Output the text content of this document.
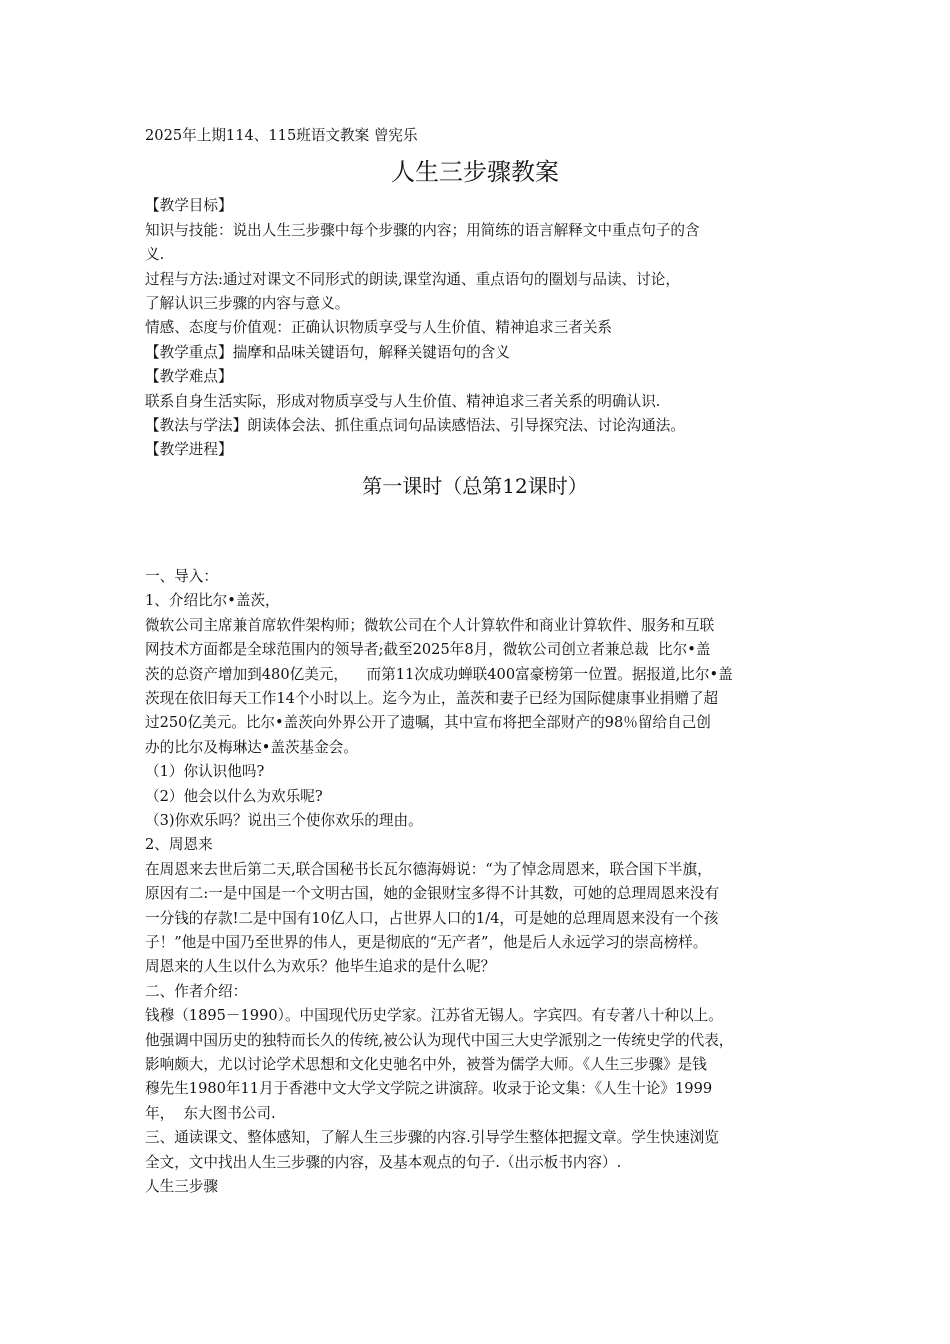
2025年上期114、115班语文教案 曾宪乐
人生三步骤教案
【教学目标】
知识与技能：说出人生三步骤中每个步骤的内容；用简练的语言解释文中重点句子的含
义.
过程与方法:通过对课文不同形式的朗读,课堂沟通、重点语句的圈划与品读、讨论，
了解认识三步骤的内容与意义。
情感、态度与价值观：正确认识物质享受与人生价值、精神追求三者关系
【教学重点】揣摩和品味关键语句，解释关键语句的含义
【教学难点】
联系自身生活实际，形成对物质享受与人生价值、精神追求三者关系的明确认识.
【教法与学法】朗读体会法、抓住重点词句品读感悟法、引导探究法、讨论沟通法。
【教学进程】
第一课时（总第12课时）
一、导入：
1、介绍比尔•盖茨，
微软公司主席兼首席软件架构师；微软公司在个人计算软件和商业计算软件、服务和互联
网技术方面都是全球范围内的领导者;截至2025年8月，微软公司创立者兼总裁  比尔•盖
茨的总资产增加到480亿美元，    而第11次成功蝉联400富豪榜第一位置。据报道,比尔•盖
茨现在依旧每天工作14个小时以上。迄今为止，盖茨和妻子已经为国际健康事业捐赠了超
过250亿美元。比尔•盖茨向外界公开了遗嘱，其中宣布将把全部财产的98％留给自己创
办的比尔及梅琳达•盖茨基金会。
（1）你认识他吗?
（2）他会以什么为欢乐呢?
（3)你欢乐吗？说出三个使你欢乐的理由。
2、周恩来
在周恩来去世后第二天,联合国秘书长瓦尔德海姆说：“为了悼念周恩来，联合国下半旗，
原因有二:一是中国是一个文明古国，她的金银财宝多得不计其数，可她的总理周恩来没有
一分钱的存款!二是中国有10亿人口，占世界人口的1/4，可是她的总理周恩来没有一个孩
子！”他是中国乃至世界的伟人，更是彻底的“无产者”，他是后人永远学习的崇高榜样。
周恩来的人生以什么为欢乐？他毕生追求的是什么呢？
二、作者介绍：
钱穆（1895－1990）。中国现代历史学家。江苏省无锡人。字宾四。有专著八十种以上。
他强调中国历史的独特而长久的传统,被公认为现代中国三大史学派别之一传统史学的代表，
影响颇大，尤以讨论学术思想和文化史驰名中外，被誉为儒学大师。《人生三步骤》是钱
穆先生1980年11月于香港中文大学文学院之讲演辞。收录于论文集：《人生十论》1999
年，  东大图书公司.
三、通读课文、整体感知，了解人生三步骤的内容.引导学生整体把握文章。学生快速浏览
全文，文中找出人生三步骤的内容，及基本观点的句子.（出示板书内容）.
人生三步骤
